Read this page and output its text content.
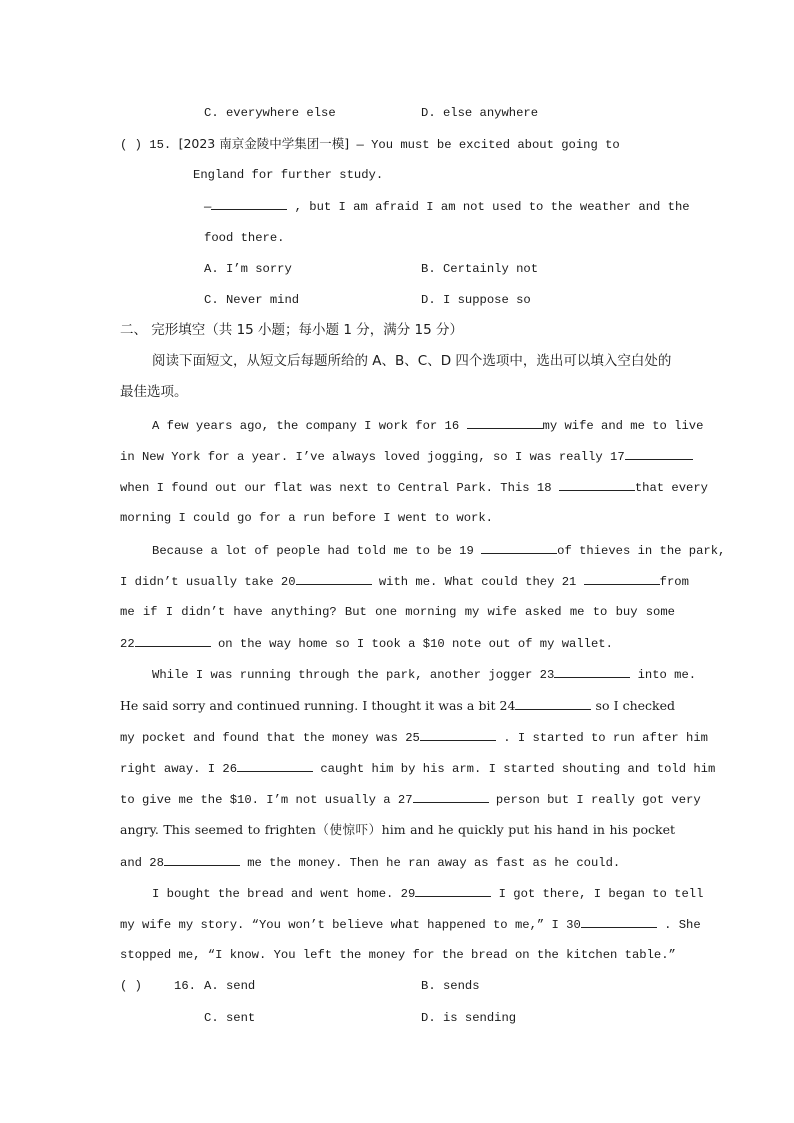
C. everywhere else	D. else anywhere
( ) 15. [2023 南京金陵中学集团一模] — You must be excited about going to
England for further study.
—	, but I am afraid I am not used to the weather and the
food there.
A. I’m sorry	B. Certainly not
C. Never mind	D. I suppose so
二、 完形填空（共 15 小题；每小题 1 分，满分 15 分）
阅读下面短文，从短文后每题所给的 A、B、C、D 四个选项中，选出可以填入空白处的
最佳选项。
A few years ago, the company I work for 16	my wife and me to live
in New York for a year. I’ve always loved jogging, so I was really 17
when I found out our flat was next to Central Park. This 18	that every
morning I could go for a run before I went to work.
Because a lot of people had told me to be 19	of thieves in the park,
I didn’t usually take 20	with me. What could they 21	from
me if I didn’t have anything? But one morning my wife asked me to buy some
22	on the way home so I took a $10 note out of my wallet.
While I was running through the park, another jogger 23	into me.
He said sorry and continued running. I thought it was a bit 24	so I checked
my pocket and found that the money was 25	. I started to run after him
right away. I 26	caught him by his arm. I started shouting and told him
to give me the $10. I’m not usually a 27	person but I really got very
angry. This seemed to frighten（使惊吓）him and he quickly put his hand in his pocket
and 28	me the money. Then he ran away as fast as he could.
I bought the bread and went home. 29	I got there, I began to tell
my wife my story. “You won’t believe what happened to me,” I 30	. She
stopped me, “I know. You left the money for the bread on the kitchen table.”
( )	16. A. send	B. sends
C. sent	D. is sending
